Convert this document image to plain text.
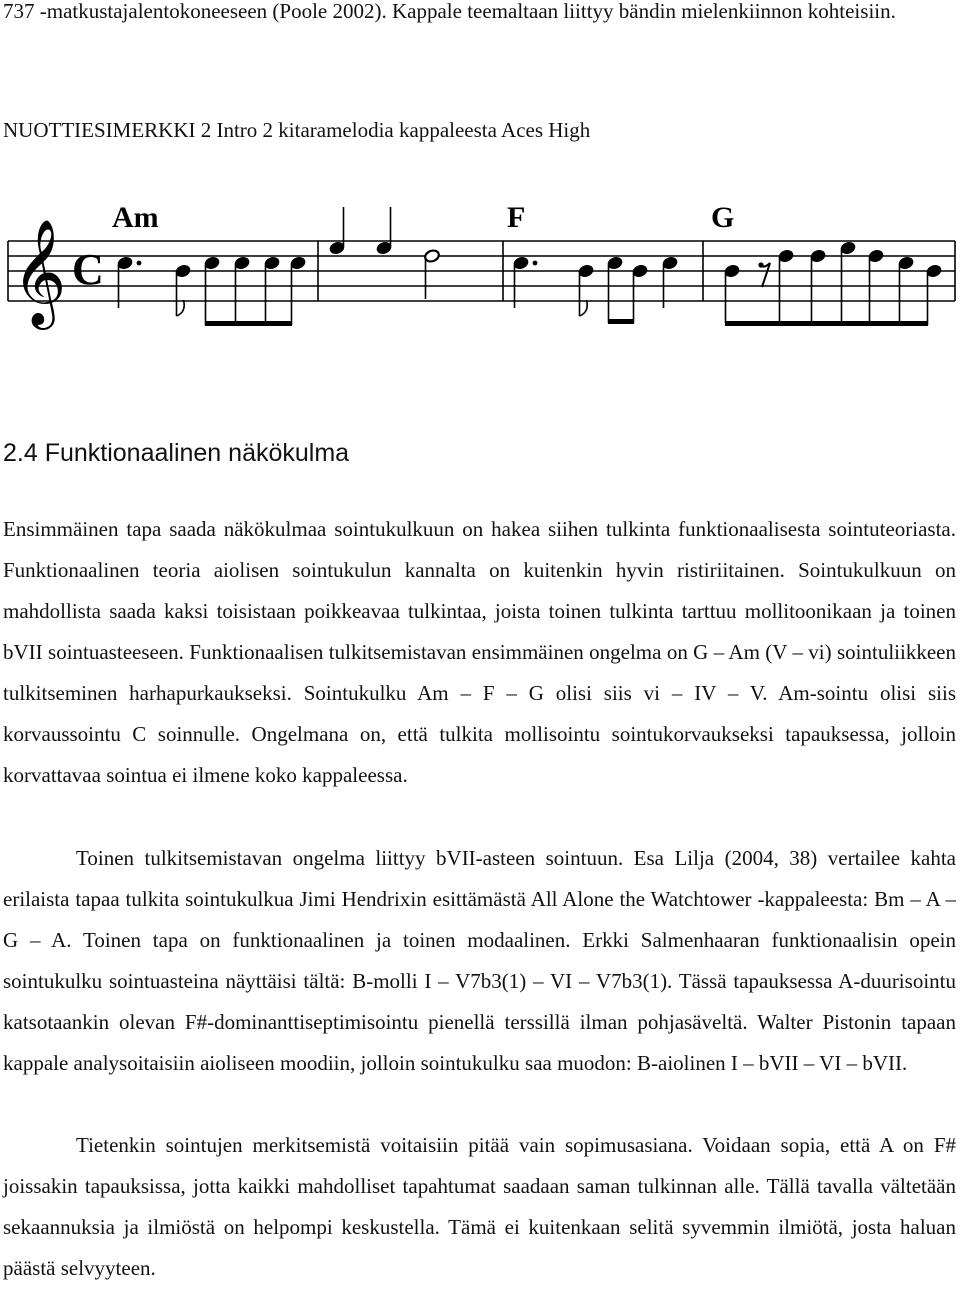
737 -matkustajalentokoneeseen (Poole 2002). Kappale teemaltaan liittyy bändin mielenkiinnon kohteisiin.

NUOTTIESIMERKKI 2 Intro 2 kitaramelodia kappaleesta Aces High

𝄞 C
Am	F	G
2.4 Funktionaalinen näkökulma

Ensimmäinen tapa saada näkökulmaa sointukulkuun on hakea siihen tulkinta funktionaalisesta sointuteoriasta. Funktionaalinen teoria aiolisen sointukulun kannalta on kuitenkin hyvin ristiriitainen. Sointukulkuun on mahdollista saada kaksi toisistaan poikkeavaa tulkintaa, joista toinen tulkinta tarttuu mollitoonikaan ja toinen bVII sointuasteeseen. Funktionaalisen tulkitsemistavan ensimmäinen ongelma on G – Am (V – vi) sointuliikkeen tulkitseminen harhapurkaukseksi. Sointukulku Am – F – G olisi siis vi – IV – V. Am-sointu olisi siis korvaussointu C soinnulle. Ongelmana on, että tulkita mollisointu sointukorvaukseksi tapauksessa, jolloin korvattavaa sointua ei ilmene koko kappaleessa.

Toinen tulkitsemistavan ongelma liittyy bVII-asteen sointuun. Esa Lilja (2004, 38) vertailee kahta erilaista tapaa tulkita sointukulkua Jimi Hendrixin esittämästä All Alone the Watchtower -kappaleesta: Bm – A – G – A. Toinen tapa on funktionaalinen ja toinen modaalinen. Erkki Salmenhaaran funktionaalisin opein sointukulku sointuasteina näyttäisi tältä: B-molli I – V7b3(1) – VI – V7b3(1). Tässä tapauksessa A-duurisointu katsotaankin olevan F#-dominanttiseptimisointu pienellä terssillä ilman pohjasäveltä. Walter Pistonin tapaan kappale analysoitaisiin aioliseen moodiin, jolloin sointukulku saa muodon: B-aiolinen I – bVII – VI – bVII.

Tietenkin sointujen merkitsemistä voitaisiin pitää vain sopimusasiana. Voidaan sopia, että A on F# joissakin tapauksissa, jotta kaikki mahdolliset tapahtumat saadaan saman tulkinnan alle. Tällä tavalla vältetään sekaannuksia ja ilmiöstä on helpompi keskustella. Tämä ei kuitenkaan selitä syvemmin ilmiötä, josta haluan päästä selvyyteen.
